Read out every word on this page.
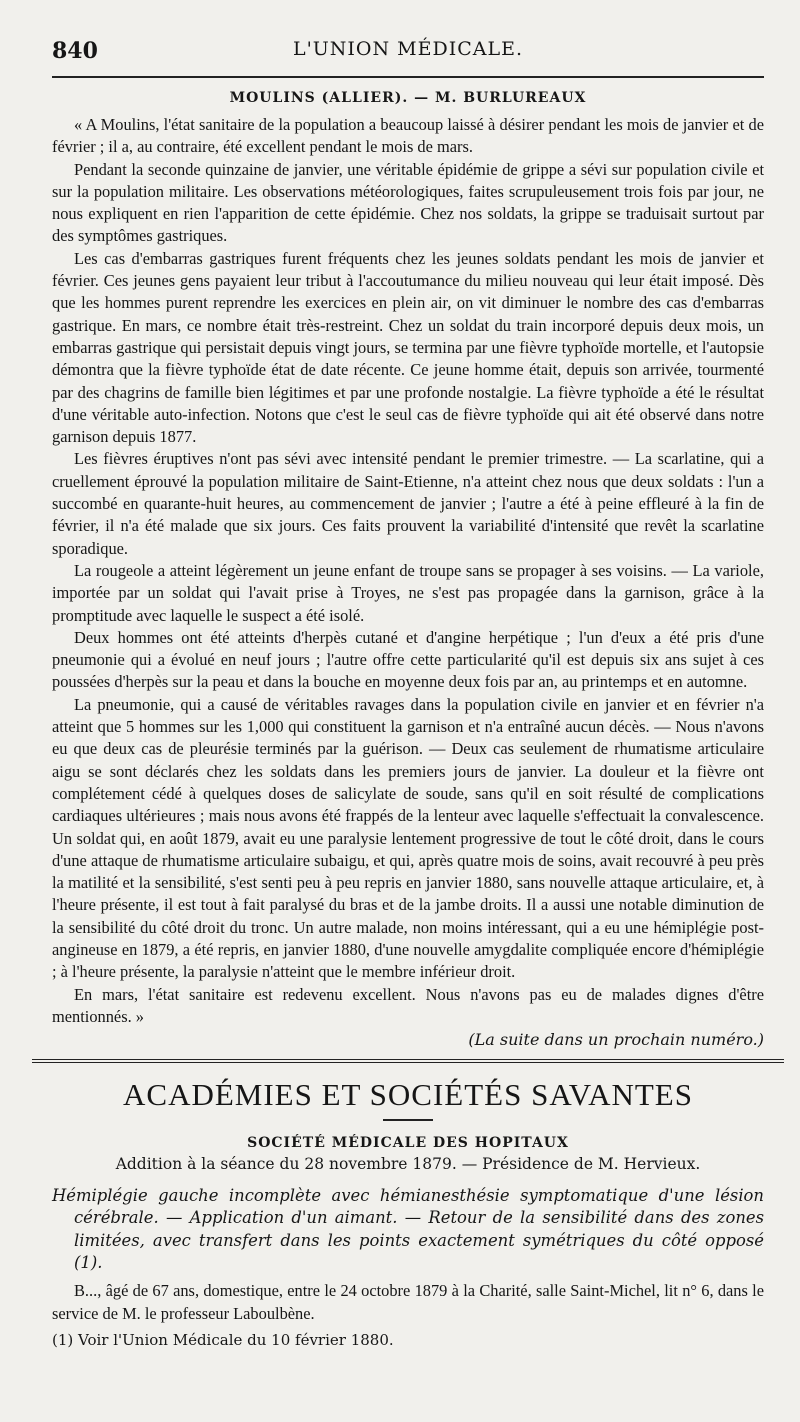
840	L'UNION MÉDICALE.
MOULINS (ALLIER). — M. BURLUREAUX

« A Moulins, l'état sanitaire de la population a beaucoup laissé à désirer pendant les mois de janvier et de février ; il a, au contraire, été excellent pendant le mois de mars.

Pendant la seconde quinzaine de janvier, une véritable épidémie de grippe a sévi sur population civile et sur la population militaire. Les observations météorologiques, faites scrupuleusement trois fois par jour, ne nous expliquent en rien l'apparition de cette épidémie. Chez nos soldats, la grippe se traduisait surtout par des symptômes gastriques.

Les cas d'embarras gastriques furent fréquents chez les jeunes soldats pendant les mois de janvier et février. Ces jeunes gens payaient leur tribut à l'accoutumance du milieu nouveau qui leur était imposé. Dès que les hommes purent reprendre les exercices en plein air, on vit diminuer le nombre des cas d'embarras gastrique. En mars, ce nombre était très-restreint. Chez un soldat du train incorporé depuis deux mois, un embarras gastrique qui persistait depuis vingt jours, se termina par une fièvre typhoïde mortelle, et l'autopsie démontra que la fièvre typhoïde état de date récente. Ce jeune homme était, depuis son arrivée, tourmenté par des chagrins de famille bien légitimes et par une profonde nostalgie. La fièvre typhoïde a été le résultat d'une véritable auto-infection. Notons que c'est le seul cas de fièvre typhoïde qui ait été observé dans notre garnison depuis 1877.

Les fièvres éruptives n'ont pas sévi avec intensité pendant le premier trimestre. — La scarlatine, qui a cruellement éprouvé la population militaire de Saint-Etienne, n'a atteint chez nous que deux soldats : l'un a succombé en quarante-huit heures, au commencement de janvier ; l'autre a été à peine effleuré à la fin de février, il n'a été malade que six jours. Ces faits prouvent la variabilité d'intensité que revêt la scarlatine sporadique.

La rougeole a atteint légèrement un jeune enfant de troupe sans se propager à ses voisins. — La variole, importée par un soldat qui l'avait prise à Troyes, ne s'est pas propagée dans la garnison, grâce à la promptitude avec laquelle le suspect a été isolé.

Deux hommes ont été atteints d'herpès cutané et d'angine herpétique ; l'un d'eux a été pris d'une pneumonie qui a évolué en neuf jours ; l'autre offre cette particularité qu'il est depuis six ans sujet à ces poussées d'herpès sur la peau et dans la bouche en moyenne deux fois par an, au printemps et en automne.

La pneumonie, qui a causé de véritables ravages dans la population civile en janvier et en février n'a atteint que 5 hommes sur les 1,000 qui constituent la garnison et n'a entraîné aucun décès. — Nous n'avons eu que deux cas de pleurésie terminés par la guérison. — Deux cas seulement de rhumatisme articulaire aigu se sont déclarés chez les soldats dans les premiers jours de janvier. La douleur et la fièvre ont complétement cédé à quelques doses de salicylate de soude, sans qu'il en soit résulté de complications cardiaques ultérieures ; mais nous avons été frappés de la lenteur avec laquelle s'effectuait la convalescence. Un soldat qui, en août 1879, avait eu une paralysie lentement progressive de tout le côté droit, dans le cours d'une attaque de rhumatisme articulaire subaigu, et qui, après quatre mois de soins, avait recouvré à peu près la matilité et la sensibilité, s'est senti peu à peu repris en janvier 1880, sans nouvelle attaque articulaire, et, à l'heure présente, il est tout à fait paralysé du bras et de la jambe droits. Il a aussi une notable diminution de la sensibilité du côté droit du tronc. Un autre malade, non moins intéressant, qui a eu une hémiplégie post-angineuse en 1879, a été repris, en janvier 1880, d'une nouvelle amygdalite compliquée encore d'hémiplégie ; à l'heure présente, la paralysie n'atteint que le membre inférieur droit.

En mars, l'état sanitaire est redevenu excellent. Nous n'avons pas eu de malades dignes d'être mentionnés. »

(La suite dans un prochain numéro.)
ACADÉMIES ET SOCIÉTÉS SAVANTES
SOCIÉTÉ MÉDICALE DES HOPITAUX
Addition à la séance du 28 novembre 1879. — Présidence de M. Hervieux.

Hémiplégie gauche incomplète avec hémianesthésie symptomatique d'une lésion cérébrale. — Application d'un aimant. — Retour de la sensibilité dans des zones limitées, avec transfert dans les points exactement symétriques du côté opposé (1).

B..., âgé de 67 ans, domestique, entre le 24 octobre 1879 à la Charité, salle Saint-Michel, lit n° 6, dans le service de M. le professeur Laboulbène.

(1) Voir l'Union Médicale du 10 février 1880.
